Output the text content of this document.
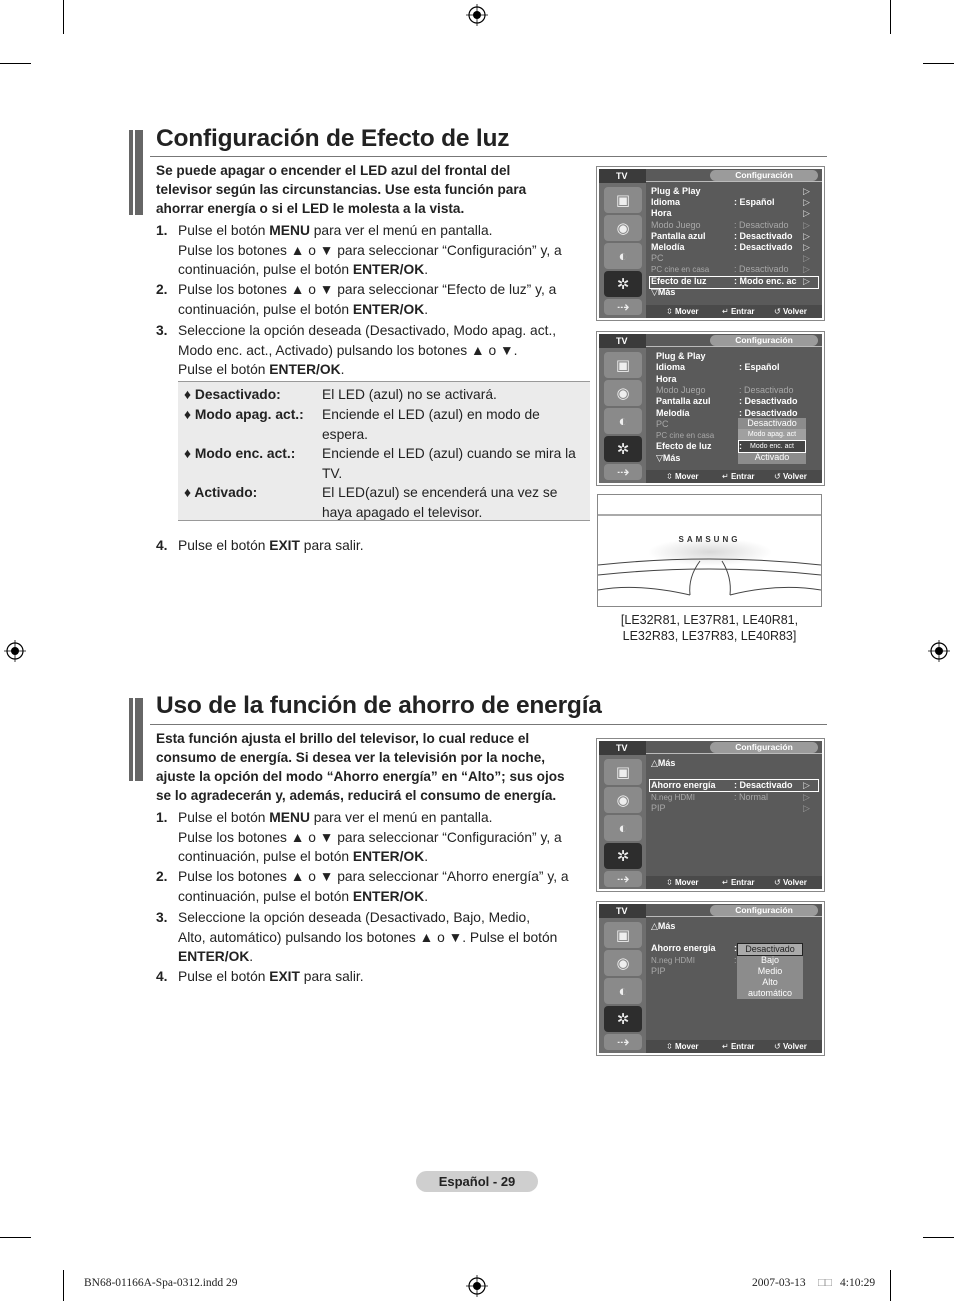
Configuración de Efecto de luz
Se puede apagar o encender el LED azul del frontal del
televisor según las circunstancias. Use esta función para
ahorrar energía o si el LED le molesta a la vista.
1. Pulse el botón MENU para ver el menú en pantalla.
Pulse los botones ▲ o ▼ para seleccionar “Configuración” y, a
continuación, pulse el botón ENTER/OK.
2. Pulse los botones ▲ o ▼ para seleccionar “Efecto de luz” y, a
continuación, pulse el botón ENTER/OK.
3. Seleccione la opción deseada (Desactivado, Modo apag. act.,
Modo enc. act., Activado) pulsando los botones ▲ o ▼.
Pulse el botón ENTER/OK.
♦ Desactivado:	El LED (azul) no se activará.
♦ Modo apag. act.: Enciende el LED (azul) en modo de espera.
♦ Modo enc. act.: Enciende el LED (azul) cuando se mira la TV.
♦ Activado:	El LED(azul) se encenderá una vez se haya apagado el televisor.
4. Pulse el botón EXIT para salir.
TV
▣
◉
◐
✲
⇢
Configuración
⇳ Mover	↵ Entrar ↺ Volver
Plug & Play	▷
Idioma	: Español	▷
Hora	▷
Modo Juego	: Desactivado ▷
Pantalla azul	: Desactivado ▷
Melodía	: Desactivado ▷
PC	▷
PC cine en casa	: Desactivado ▷
Efecto de luz	: Modo enc. ac ▷
▽Más
TV
▣
◉
◐
✲
⇢
Configuración
Desactivado
Modo apag. act
Modo enc. act
Activado
⇳ Mover	↵ Entrar ↺ Volver
Plug & Play
Idioma	: Español
Hora
Modo Juego	: Desactivado
Pantalla azul	: Desactivado
Melodía	: Desactivado
PC
PC cine en casa
Efecto de luz	:
▽Más
SAMSUNG
[LE32R81, LE37R81, LE40R81,
LE32R83, LE37R83, LE40R83]
Uso de la función de ahorro de energía
Esta función ajusta el brillo del televisor, lo cual reduce el
consumo de energía. Si desea ver la televisión por la noche,
ajuste la opción del modo “Ahorro energía” en “Alto”; sus ojos
se lo agradecerán y, además, reducirá el consumo de energía.
1. Pulse el botón MENU para ver el menú en pantalla.
Pulse los botones ▲ o ▼ para seleccionar “Configuración” y, a
continuación, pulse el botón ENTER/OK.
2. Pulse los botones ▲ o ▼ para seleccionar “Ahorro energía” y, a
continuación, pulse el botón ENTER/OK.
3. Seleccione la opción deseada (Desactivado, Bajo, Medio,
Alto, automático) pulsando los botones ▲ o ▼. Pulse el botón
ENTER/OK.
4. Pulse el botón EXIT para salir.
TV
▣
◉
◐
✲
⇢
Configuración
⇳ Mover	↵ Entrar ↺ Volver
△Más
Ahorro energía : Desactivado ▷
N.neg HDMI	: Normal	▷
PIP	▷
TV
▣
◉
◐
✲
⇢
Configuración
Desactivado
Bajo
Medio
Alto
automático
⇳ Mover	↵ Entrar ↺ Volver
△Más
Ahorro energía :
N.neg HDMI	:
PIP
Español - 29
BN68-01166A-Spa-0312.indd 29	2007-03-13 □□ 4:10:29
